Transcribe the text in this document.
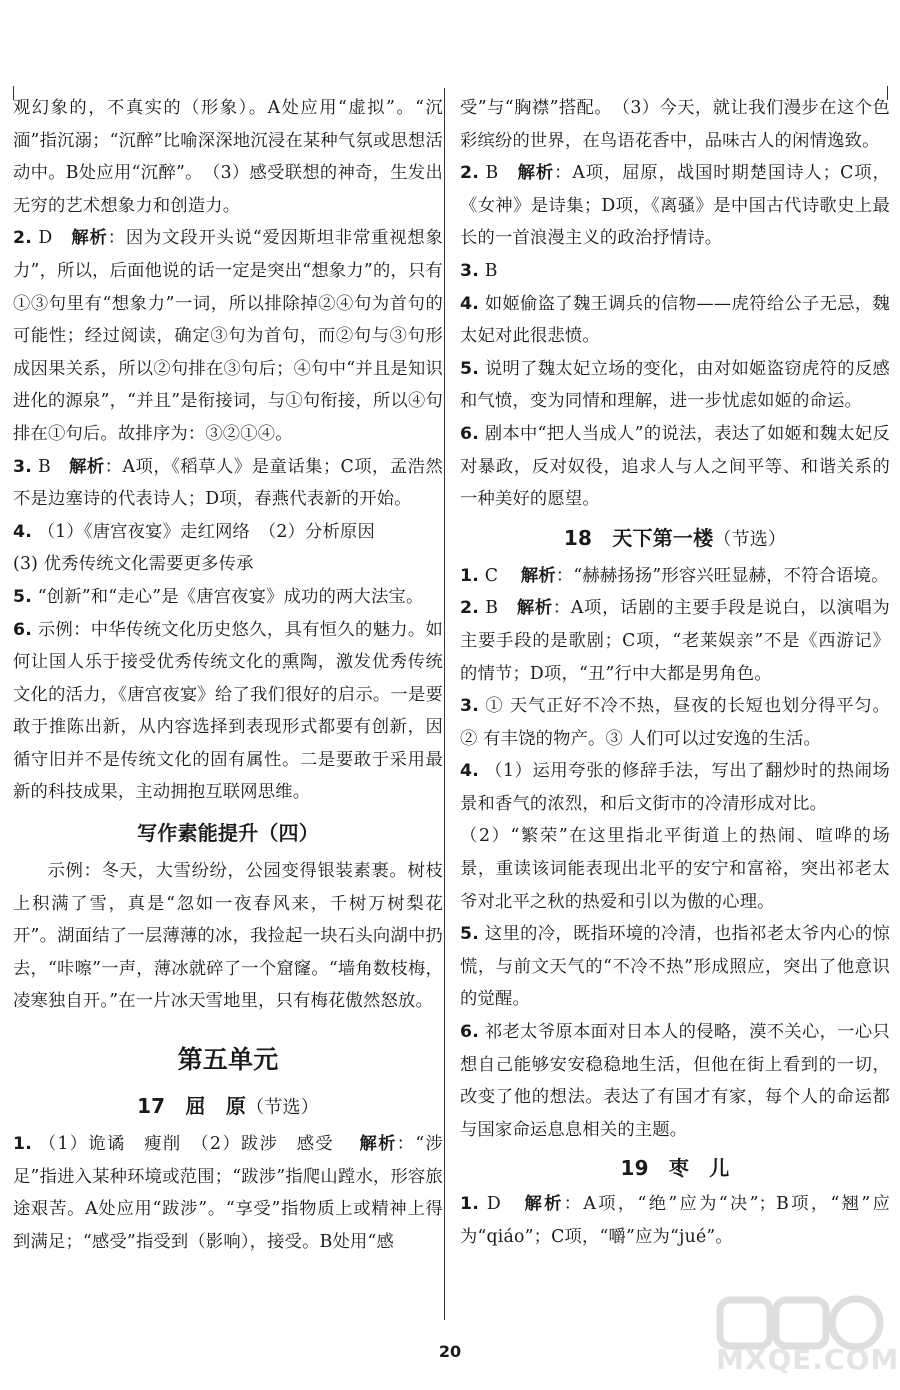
观幻象的，不真实的（形象）。A处应用“虚拟”。“沉湎”指沉溺；“沉醉”比喻深深地沉浸在某种气氛或思想活动中。B处应用“沉醉”。　（3）感受联想的神奇，生发出无穷的艺术想象力和创造力。

2. D 解析：因为文段开头说“爱因斯坦非常重视想象力”，所以，后面他说的话一定是突出“想象力”的，只有①③句里有“想象力”一词，所以排除掉②④句为首句的可能性；经过阅读，确定③句为首句，而②句与③句形成因果关系，所以②句排在③句后；④句中“并且是知识进化的源泉”，“并且”是衔接词，与①句衔接，所以④句排在①句后。故排序为：③②①④。

3. B 解析：A项，《稻草人》是童话集；C项，孟浩然不是边塞诗的代表诗人；D项，春燕代表新的开始。

4. （1）《唐宫夜宴》走红网络　（2）分析原因

(3) 优秀传统文化需要更多传承

5. “创新”和“走心”是《唐宫夜宴》成功的两大法宝。

6. 示例：中华传统文化历史悠久，具有恒久的魅力。如何让国人乐于接受优秀传统文化的熏陶，激发优秀传统文化的活力，《唐宫夜宴》给了我们很好的启示。一是要敢于推陈出新，从内容选择到表现形式都要有创新，因循守旧并不是传统文化的固有属性。二是要敢于采用最新的科技成果，主动拥抱互联网思维。

写作素能提升（四）

示例：冬天，大雪纷纷，公园变得银装素裹。树枝上积满了雪，真是“忽如一夜春风来，千树万树梨花开”。湖面结了一层薄薄的冰，我捡起一块石头向湖中扔去，“咔嚓”一声，薄冰就碎了一个窟窿。“墙角数枝梅，凌寒独自开。”在一片冰天雪地里，只有梅花傲然怒放。

第五单元
17　屈　原（节选）

1. （1）诡谲　瘦削　（2）跋涉　感受　 解析：“涉足”指进入某种环境或范围；“跋涉”指爬山蹚水，形容旅途艰苦。A处应用“跋涉”。“享受”指物质上或精神上得到满足；“感受”指受到（影响），接受。B处用“感

受”与“胸襟”搭配。　（3）今天，就让我们漫步在这个色彩缤纷的世界，在鸟语花香中，品味古人的闲情逸致。

2. B 解析：A项，屈原，战国时期楚国诗人；C项，《女神》是诗集；D项，《离骚》是中国古代诗歌史上最长的一首浪漫主义的政治抒情诗。

3. B

4. 如姬偷盗了魏王调兵的信物——虎符给公子无忌，魏太妃对此很悲愤。

5. 说明了魏太妃立场的变化，由对如姬盗窃虎符的反感和气愤，变为同情和理解，进一步忧虑如姬的命运。

6. 剧本中“把人当成人”的说法，表达了如姬和魏太妃反对暴政，反对奴役，追求人与人之间平等、和谐关系的一种美好的愿望。

18　天下第一楼（节选）

1. C 解析：“赫赫扬扬”形容兴旺显赫，不符合语境。

2. B 解析：A项，话剧的主要手段是说白，以演唱为主要手段的是歌剧；C项，“老莱娱亲”不是《西游记》的情节；D项，“丑”行中大都是男角色。

3. ① 天气正好不冷不热，昼夜的长短也划分得平匀。② 有丰饶的物产。③ 人们可以过安逸的生活。

4. （1）运用夸张的修辞手法，写出了翻炒时的热闹场景和香气的浓烈，和后文街市的冷清形成对比。

（2）“繁荣”在这里指北平街道上的热闹、喧哗的场景，重读该词能表现出北平的安宁和富裕，突出祁老太爷对北平之秋的热爱和引以为傲的心理。

5. 这里的冷，既指环境的冷清，也指祁老太爷内心的惊慌，与前文天气的“不冷不热”形成照应，突出了他意识的觉醒。

6. 祁老太爷原本面对日本人的侵略，漠不关心，一心只想自己能够安安稳稳地生活，但他在街上看到的一切，改变了他的想法。表达了有国才有家，每个人的命运都与国家命运息息相关的主题。

19　枣　儿

1. D 解析：A项，“绝”应为“决”；B项，“翘”应为“qiáo”；C项，“嚼”应为“jué”。

20	MXQE.COM
